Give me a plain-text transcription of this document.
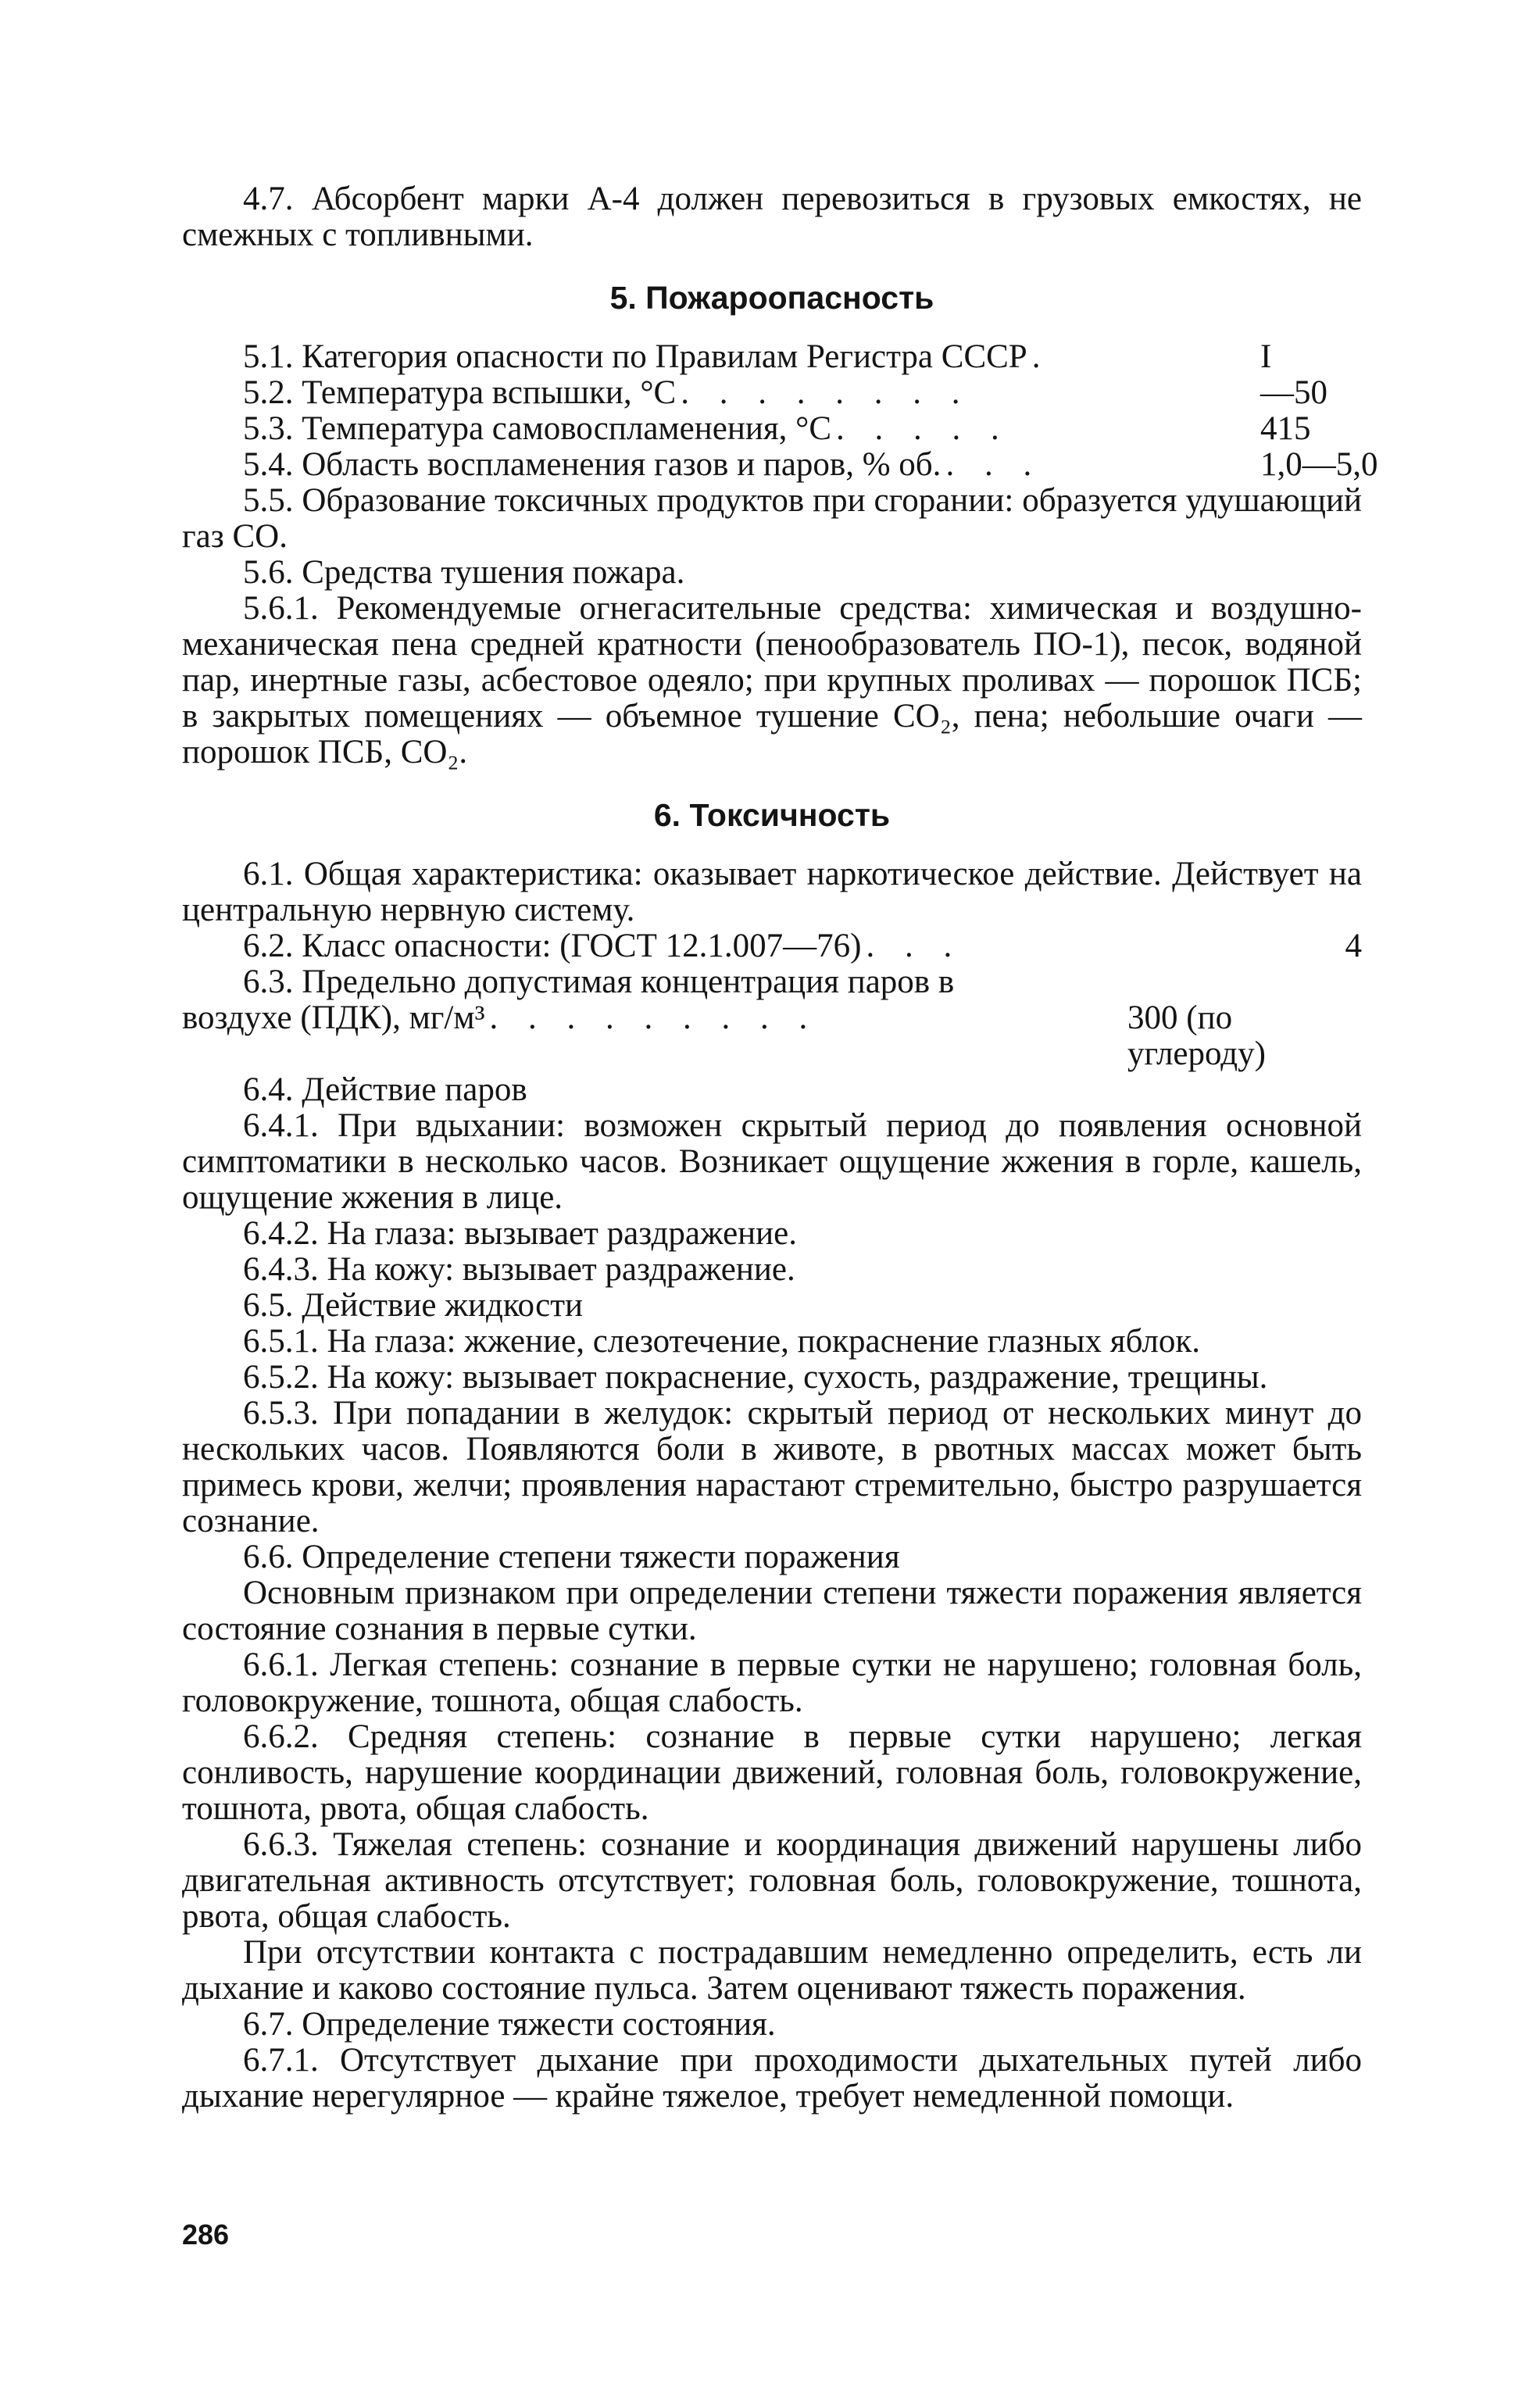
4.7. Абсорбент марки А-4 должен перевозиться в грузовых емкостях, не смежных с топливными.

5. Пожароопасность
5.1. Категория опасности по Правилам Регистра СССР .	I
5.2. Температура вспышки, °С . . . . . . . .	—50
5.3. Температура самовоспламенения, °С . . . . .	415
5.4. Область воспламенения газов и паров, % об. . . .	1,0—5,0

5.5. Образование токсичных продуктов при сгорании: образуется удушающий газ СО.

5.6. Средства тушения пожара.

5.6.1. Рекомендуемые огнегасительные средства: химическая и воздушно-механическая пена средней кратности (пенообразователь ПО-1), песок, водяной пар, инертные газы, асбестовое одеяло; при крупных проливах — порошок ПСБ; в закрытых помещениях — объемное тушение СО₂, пена; небольшие очаги — порошок ПСБ, СО₂.

6. Токсичность

6.1. Общая характеристика: оказывает наркотическое действие. Действует на центральную нервную систему.

6.2. Класс опасности: (ГОСТ 12.1.007—76) . . .	4

6.3. Предельно допустимая концентрация паров в

воздухе (ПДК), мг/м³ . . . . . . . . .	300 (по углероду)

6.4. Действие паров

6.4.1. При вдыхании: возможен скрытый период до появления основной симптоматики в несколько часов. Возникает ощущение жжения в горле, кашель, ощущение жжения в лице.

6.4.2. На глаза: вызывает раздражение.

6.4.3. На кожу: вызывает раздражение.

6.5. Действие жидкости

6.5.1. На глаза: жжение, слезотечение, покраснение глазных яблок.

6.5.2. На кожу: вызывает покраснение, сухость, раздражение, трещины.

6.5.3. При попадании в желудок: скрытый период от нескольких минут до нескольких часов. Появляются боли в животе, в рвотных массах может быть примесь крови, желчи; проявления нарастают стремительно, быстро разрушается сознание.

6.6. Определение степени тяжести поражения

Основным признаком при определении степени тяжести поражения является состояние сознания в первые сутки.

6.6.1. Легкая степень: сознание в первые сутки не нарушено; головная боль, головокружение, тошнота, общая слабость.

6.6.2. Средняя степень: сознание в первые сутки нарушено; легкая сонливость, нарушение координации движений, головная боль, головокружение, тошнота, рвота, общая слабость.

6.6.3. Тяжелая степень: сознание и координация движений нарушены либо двигательная активность отсутствует; головная боль, головокружение, тошнота, рвота, общая слабость.

При отсутствии контакта с пострадавшим немедленно определить, есть ли дыхание и каково состояние пульса. Затем оценивают тяжесть поражения.

6.7. Определение тяжести состояния.

6.7.1. Отсутствует дыхание при проходимости дыхательных путей либо дыхание нерегулярное — крайне тяжелое, требует немедленной помощи.

286
